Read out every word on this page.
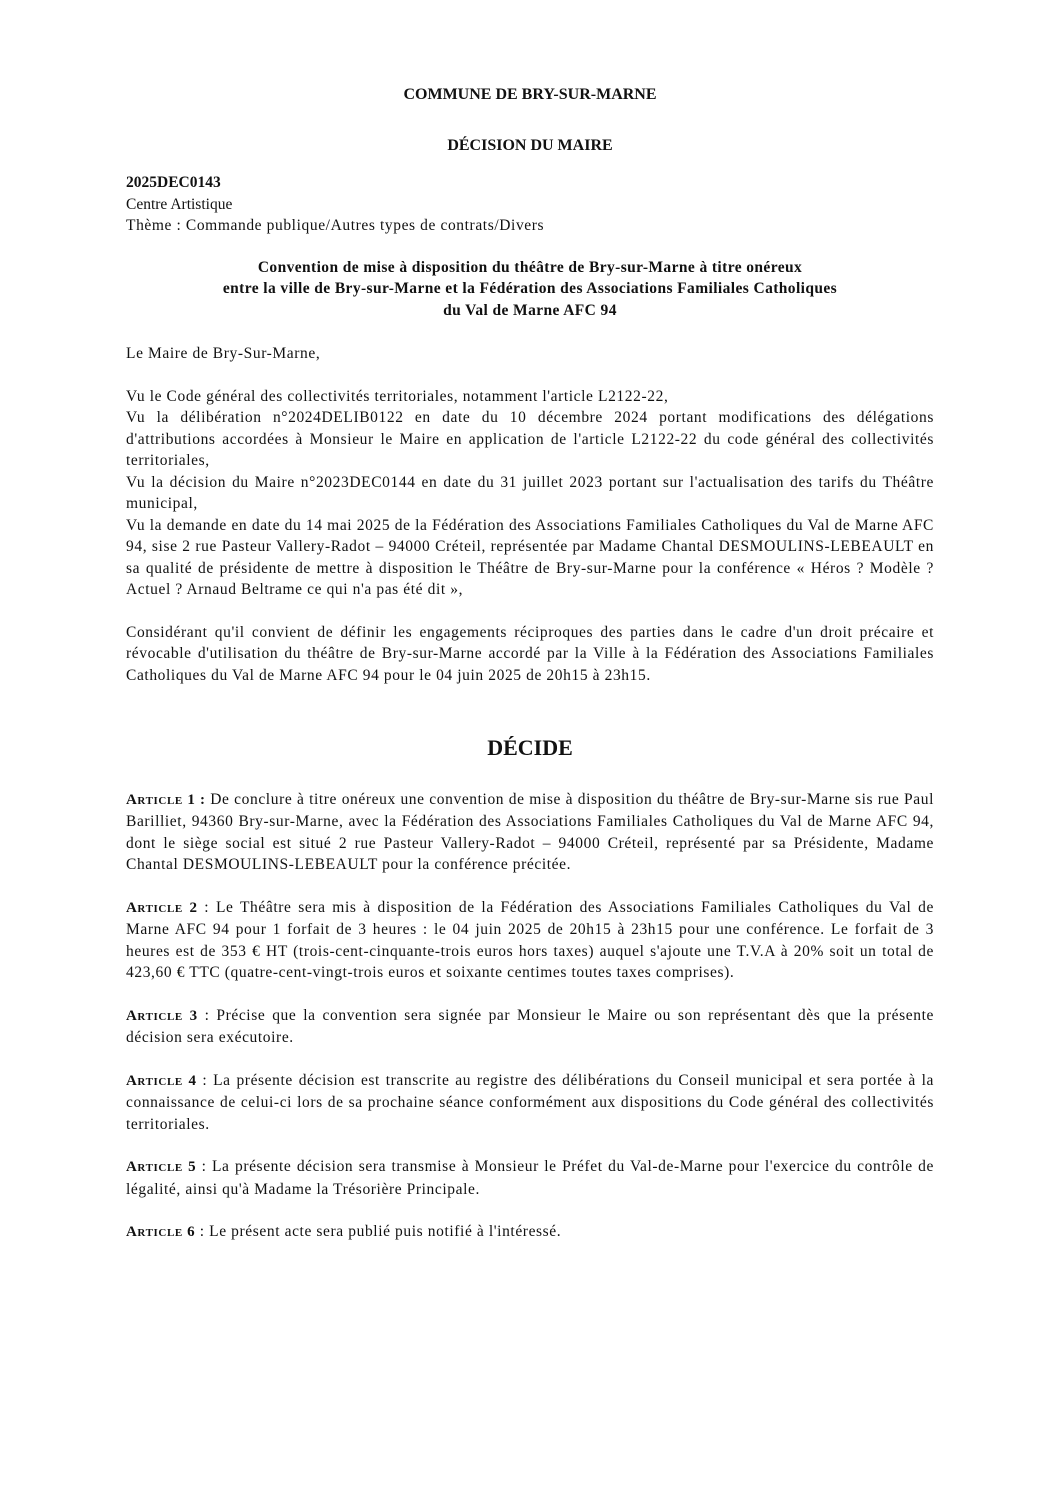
COMMUNE DE BRY-SUR-MARNE
DÉCISION DU MAIRE
2025DEC0143
Centre Artistique
Thème : Commande publique/Autres types de contrats/Divers
Convention de mise à disposition du théâtre de Bry-sur-Marne à titre onéreux
entre la ville de Bry-sur-Marne et la Fédération des Associations Familiales Catholiques
du Val de Marne AFC 94
Le Maire de Bry-Sur-Marne,
Vu le Code général des collectivités territoriales, notamment l'article L2122-22,
Vu la délibération n°2024DELIB0122 en date du 10 décembre 2024 portant modifications des délégations d'attributions accordées à Monsieur le Maire en application de l'article L2122-22 du code général des collectivités territoriales,
Vu la décision du Maire n°2023DEC0144 en date du 31 juillet 2023 portant sur l'actualisation des tarifs du Théâtre municipal,
Vu la demande en date du 14 mai 2025 de la Fédération des Associations Familiales Catholiques du Val de Marne AFC 94, sise 2 rue Pasteur Vallery-Radot – 94000 Créteil, représentée par Madame Chantal DESMOULINS-LEBEAULT en sa qualité de présidente de mettre à disposition le Théâtre de Bry-sur-Marne pour la conférence « Héros ? Modèle ? Actuel ? Arnaud Beltrame ce qui n'a pas été dit »,
Considérant qu'il convient de définir les engagements réciproques des parties dans le cadre d'un droit précaire et révocable d'utilisation du théâtre de Bry-sur-Marne accordé par la Ville à la Fédération des Associations Familiales Catholiques du Val de Marne AFC 94 pour le 04 juin 2025 de 20h15 à 23h15.
DÉCIDE
Article 1 : De conclure à titre onéreux une convention de mise à disposition du théâtre de Bry-sur-Marne sis rue Paul Barilliet, 94360 Bry-sur-Marne, avec la Fédération des Associations Familiales Catholiques du Val de Marne AFC 94, dont le siège social est situé 2 rue Pasteur Vallery-Radot – 94000 Créteil, représenté par sa Présidente, Madame Chantal DESMOULINS-LEBEAULT pour la conférence précitée.
Article 2 : Le Théâtre sera mis à disposition de la Fédération des Associations Familiales Catholiques du Val de Marne AFC 94 pour 1 forfait de 3 heures : le 04 juin 2025 de 20h15 à 23h15 pour une conférence. Le forfait de 3 heures est de 353 € HT (trois-cent-cinquante-trois euros hors taxes) auquel s'ajoute une T.V.A à 20% soit un total de 423,60 € TTC (quatre-cent-vingt-trois euros et soixante centimes toutes taxes comprises).
Article 3 : Précise que la convention sera signée par Monsieur le Maire ou son représentant dès que la présente décision sera exécutoire.
Article 4 : La présente décision est transcrite au registre des délibérations du Conseil municipal et sera portée à la connaissance de celui-ci lors de sa prochaine séance conformément aux dispositions du Code général des collectivités territoriales.
Article 5 : La présente décision sera transmise à Monsieur le Préfet du Val-de-Marne pour l'exercice du contrôle de légalité, ainsi qu'à Madame la Trésorière Principale.
Article 6 : Le présent acte sera publié puis notifié à l'intéressé.
